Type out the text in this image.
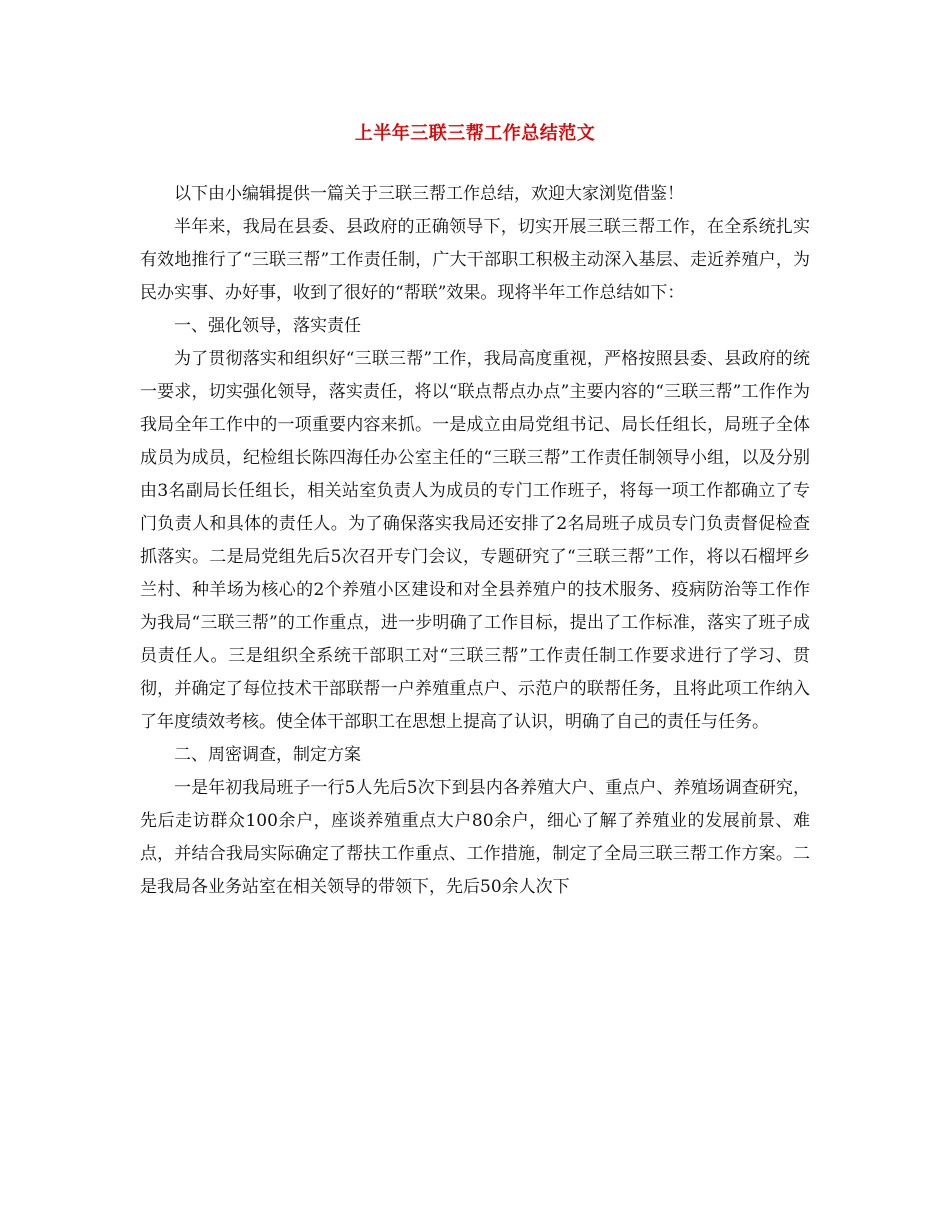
上半年三联三帮工作总结范文

以下由小编辑提供一篇关于三联三帮工作总结，欢迎大家浏览借鉴！

半年来，我局在县委、县政府的正确领导下，切实开展三联三帮工作，在全系统扎实有效地推行了“三联三帮”工作责任制，广大干部职工积极主动深入基层、走近养殖户，为民办实事、办好事，收到了很好的“帮联”效果。现将半年工作总结如下：

一、强化领导，落实责任

为了贯彻落实和组织好“三联三帮”工作，我局高度重视，严格按照县委、县政府的统一要求，切实强化领导，落实责任，将以“联点帮点办点”主要内容的“三联三帮”工作作为我局全年工作中的一项重要内容来抓。一是成立由局党组书记、局长任组长，局班子全体成员为成员，纪检组长陈四海任办公室主任的“三联三帮”工作责任制领导小组，以及分别由3名副局长任组长，相关站室负责人为成员的专门工作班子，将每一项工作都确立了专门负责人和具体的责任人。为了确保落实我局还安排了2名局班子成员专门负责督促检查抓落实。二是局党组先后5次召开专门会议，专题研究了“三联三帮”工作，将以石榴坪乡兰村、种羊场为核心的2个养殖小区建设和对全县养殖户的技术服务、疫病防治等工作作为我局“三联三帮”的工作重点，进一步明确了工作目标，提出了工作标准，落实了班子成员责任人。三是组织全系统干部职工对“三联三帮”工作责任制工作要求进行了学习、贯彻，并确定了每位技术干部联帮一户养殖重点户、示范户的联帮任务，且将此项工作纳入了年度绩效考核。使全体干部职工在思想上提高了认识，明确了自己的责任与任务。

二、周密调查，制定方案

一是年初我局班子一行5人先后5次下到县内各养殖大户、重点户、养殖场调查研究，先后走访群众100余户，座谈养殖重点大户80余户，细心了解了养殖业的发展前景、难点，并结合我局实际确定了帮扶工作重点、工作措施，制定了全局三联三帮工作方案。二是我局各业务站室在相关领导的带领下，先后50余人次下
